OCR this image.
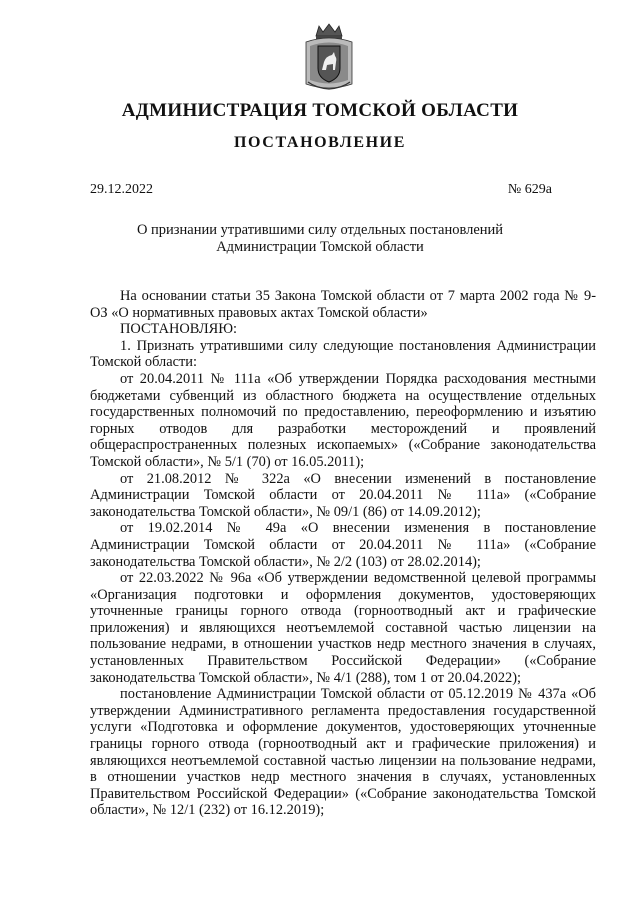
АДМИНИСТРАЦИЯ ТОМСКОЙ ОБЛАСТИ
ПОСТАНОВЛЕНИЕ
29.12.2022	№ 629а
О признании утратившими силу отдельных постановлений
Администрации Томской области

На основании статьи 35 Закона Томской области от 7 марта 2002 года № 9-ОЗ «О нормативных правовых актах Томской области»

ПОСТАНОВЛЯЮ:

1. Признать утратившими силу следующие постановления Администрации Томской области:

от 20.04.2011 № 111а «Об утверждении Порядка расходования местными бюджетами субвенций из областного бюджета на осуществление отдельных государственных полномочий по предоставлению, переоформлению и изъятию горных отводов для разработки месторождений и проявлений общераспространенных полезных ископаемых» («Собрание законодательства Томской области», № 5/1 (70) от 16.05.2011);

от 21.08.2012 № 322а «О внесении изменений в постановление Администрации Томской области от 20.04.2011 № 111а» («Собрание законодательства Томской области», № 09/1 (86) от 14.09.2012);

от 19.02.2014 № 49а «О внесении изменения в постановление Администрации Томской области от 20.04.2011 № 111а» («Собрание законодательства Томской области», № 2/2 (103) от 28.02.2014);

от 22.03.2022 № 96а «Об утверждении ведомственной целевой программы «Организация подготовки и оформления документов, удостоверяющих уточненные границы горного отвода (горноотводный акт и графические приложения) и являющихся неотъемлемой составной частью лицензии на пользование недрами, в отношении участков недр местного значения в случаях, установленных Правительством Российской Федерации» («Собрание законодательства Томской области», № 4/1 (288), том 1 от 20.04.2022);

постановление Администрации Томской области от 05.12.2019 № 437а «Об утверждении Административного регламента предоставления государственной услуги «Подготовка и оформление документов, удостоверяющих уточненные границы горного отвода (горноотводный акт и графические приложения) и являющихся неотъемлемой составной частью лицензии на пользование недрами, в отношении участков недр местного значения в случаях, установленных Правительством Российской Федерации» («Собрание законодательства Томской области», № 12/1 (232) от 16.12.2019);
